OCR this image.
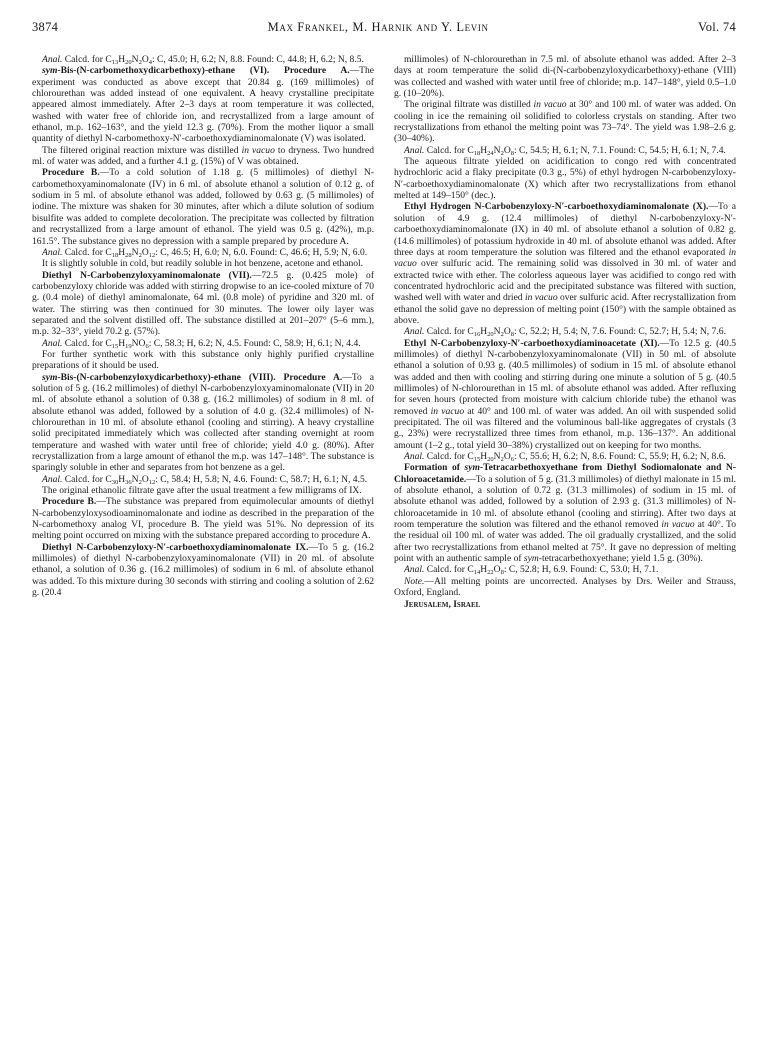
3874	Max Frankel, M. Harnik and Y. Levin	Vol. 74

Anal. Calcd. for $C_{13}H_{20}N_2O_4$: C, 45.0; H, 6.2; N, 8.8. Found: C, 44.8; H, 6.2; N, 8.5.

sym-Bis-(N-carbomethoxydicarbethoxy)-ethane (VI). Procedure A.—The experiment was conducted as above except that 20.84 g. (169 millimoles) of chlorourethan was added instead of one equivalent. A heavy crystalline precipitate appeared almost immediately. After 2–3 days at room temperature it was collected, washed with water free of chloride ion, and recrystallized from a large amount of ethanol, m.p. 162–163°, and the yield 12.3 g. (70%). From the mother liquor a small quantity of diethyl N-carbomethoxy-N′-carboethoxydiaminomalonate (V) was isolated.

The filtered original reaction mixture was distilled in vacuo to dryness. Two hundred ml. of water was added, and a further 4.1 g. (15%) of V was obtained.

Procedure B.—To a cold solution of 1.18 g. (5 millimoles) of diethyl N-carbomethoxyaminomalonate (IV) in 6 ml. of absolute ethanol a solution of 0.12 g. of sodium in 5 ml. of absolute ethanol was added, followed by 0.63 g. (5 millimoles) of iodine. The mixture was shaken for 30 minutes, after which a dilute solution of sodium bisulfite was added to complete decoloration. The precipitate was collected by filtration and recrystallized from a large amount of ethanol. The yield was 0.5 g. (42%), m.p. 161.5°. The substance gives no depression with a sample prepared by procedure A.

Anal. Calcd. for $C_{18}H_{28}N_2O_{12}$: C, 46.5; H, 6.0; N, 6.0. Found: C, 46.6; H, 5.9; N, 6.0.

It is slightly soluble in cold, but readily soluble in hot benzene, acetone and ethanol.

Diethyl N-Carbobenzyloxyaminomalonate (VII).—72.5 g. (0.425 mole) of carbobenzyloxy chloride was added with stirring dropwise to an ice-cooled mixture of 70 g. (0.4 mole) of diethyl aminomalonate, 64 ml. (0.8 mole) of pyridine and 320 ml. of water. The stirring was then continued for 30 minutes. The lower oily layer was separated and the solvent distilled off. The substance distilled at 201–207° (5–6 mm.), m.p. 32–33°, yield 70.2 g. (57%).

Anal. Calcd. for $C_{15}H_{19}NO_6$: C, 58.3; H, 6.2; N, 4.5. Found: C, 58.9; H, 6.1; N, 4.4.

For further synthetic work with this substance only highly purified crystalline preparations of it should be used.

sym-Bis-(N-carbobenzyloxydicarbethoxy)-ethane (VIII). Procedure A.—To a solution of 5 g. (16.2 millimoles) of diethyl N-carbobenzyloxyaminomalonate (VII) in 20 ml. of absolute ethanol a solution of 0.38 g. (16.2 millimoles) of sodium in 8 ml. of absolute ethanol was added, followed by a solution of 4.0 g. (32.4 millimoles) of N-chlorourethan in 10 ml. of absolute ethanol (cooling and stirring). A heavy crystalline solid precipitated immediately which was collected after standing overnight at room temperature and washed with water until free of chloride; yield 4.0 g. (80%). After recrystallization from a large amount of ethanol the m.p. was 147–148°. The substance is sparingly soluble in ether and separates from hot benzene as a gel.

Anal. Calcd. for $C_{30}H_{36}N_2O_{12}$: C, 58.4; H, 5.8; N, 4.6. Found: C, 58.7; H, 6.1; N, 4.5.

The original ethanolic filtrate gave after the usual treatment a few milligrams of IX.

Procedure B.—The substance was prepared from equimolecular amounts of diethyl N-carbobenzyloxysodioaminomalonate and iodine as described in the preparation of the N-carbomethoxy analog VI, procedure B. The yield was 51%. No depression of its melting point occurred on mixing with the substance prepared according to procedure A.

Diethyl N-Carbobenzyloxy-N′-carboethoxydiaminomalonate IX.—To 5 g. (16.2 millimoles) of diethyl N-carbobenzyloxyaminomalonate (VII) in 20 ml. of absolute ethanol, a solution of 0.36 g. (16.2 millimoles) of sodium in 6 ml. of absolute ethanol was added. To this mixture during 30 seconds with stirring and cooling a solution of 2.62 g. (20.4

millimoles) of N-chlorourethan in 7.5 ml. of absolute ethanol was added. After 2–3 days at room temperature the solid di-(N-carbobenzyloxydicarbethoxy)-ethane (VIII) was collected and washed with water until free of chloride; m.p. 147–148°, yield 0.5–1.0 g. (10–20%).

The original filtrate was distilled in vacuo at 30° and 100 ml. of water was added. On cooling in ice the remaining oil solidified to colorless crystals on standing. After two recrystallizations from ethanol the melting point was 73–74°. The yield was 1.98–2.6 g. (30–40%).

Anal. Calcd. for $C_{18}H_{24}N_2O_8$: C, 54.5; H, 6.1; N, 7.1. Found: C, 54.5; H, 6.1; N, 7.4.

The aqueous filtrate yielded on acidification to congo red with concentrated hydrochloric acid a flaky precipitate (0.3 g., 5%) of ethyl hydrogen N-carbobenzyloxy-N′-carboethoxydiaminomalonate (X) which after two recrystallizations from ethanol melted at 149–150° (dec.).

Ethyl Hydrogen N-Carbobenzyloxy-N′-carboethoxydiaminomalonate (X).—To a solution of 4.9 g. (12.4 millimoles) of diethyl N-carbobenzyloxy-N′-carboethoxydiaminomalonate (IX) in 40 ml. of absolute ethanol a solution of 0.82 g. (14.6 millimoles) of potassium hydroxide in 40 ml. of absolute ethanol was added. After three days at room temperature the solution was filtered and the ethanol evaporated in vacuo over sulfuric acid. The remaining solid was dissolved in 30 ml. of water and extracted twice with ether. The colorless aqueous layer was acidified to congo red with concentrated hydrochloric acid and the precipitated substance was filtered with suction, washed well with water and dried in vacuo over sulfuric acid. After recrystallization from ethanol the solid gave no depression of melting point (150°) with the sample obtained as above.

Anal. Calcd. for $C_{16}H_{20}N_2O_8$: C, 52.2; H, 5.4; N, 7.6. Found: C, 52.7; H, 5.4; N, 7.6.

Ethyl N-Carbobenzyloxy-N′-carboethoxydiaminoacetate (XI).—To 12.5 g. (40.5 millimoles) of diethyl N-carbobenzyloxyaminomalonate (VII) in 50 ml. of absolute ethanol a solution of 0.93 g. (40.5 millimoles) of sodium in 15 ml. of absolute ethanol was added and then with cooling and stirring during one minute a solution of 5 g. (40.5 millimoles) of N-chlorourethan in 15 ml. of absolute ethanol was added. After refluxing for seven hours (protected from moisture with calcium chloride tube) the ethanol was removed in vacuo at 40° and 100 ml. of water was added. An oil with suspended solid precipitated. The oil was filtered and the voluminous ball-like aggregates of crystals (3 g., 23%) were recrystallized three times from ethanol, m.p. 136–137°. An additional amount (1–2 g., total yield 30–38%) crystallized out on keeping for two months.

Anal. Calcd. for $C_{15}H_{20}N_2O_6$: C, 55.6; H, 6.2; N, 8.6. Found: C, 55.9; H, 6.2; N, 8.6.

Formation of sym-Tetracarbethoxyethane from Diethyl Sodiomalonate and N-Chloroacetamide.—To a solution of 5 g. (31.3 millimoles) of diethyl malonate in 15 ml. of absolute ethanol, a solution of 0.72 g. (31.3 millimoles) of sodium in 15 ml. of absolute ethanol was added, followed by a solution of 2.93 g. (31.3 millimoles) of N-chloroacetamide in 10 ml. of absolute ethanol (cooling and stirring). After two days at room temperature the solution was filtered and the ethanol removed in vacuo at 40°. To the residual oil 100 ml. of water was added. The oil gradually crystallized, and the solid after two recrystallizations from ethanol melted at 75°. It gave no depression of melting point with an authentic sample of sym-tetracarbethoxyethane; yield 1.5 g. (30%).

Anal. Calcd. for $C_{14}H_{22}O_8$: C, 52.8; H, 6.9. Found: C, 53.0; H, 7.1.

Note.—All melting points are uncorrected. Analyses by Drs. Weiler and Strauss, Oxford, England.

Jerusalem, Israel
